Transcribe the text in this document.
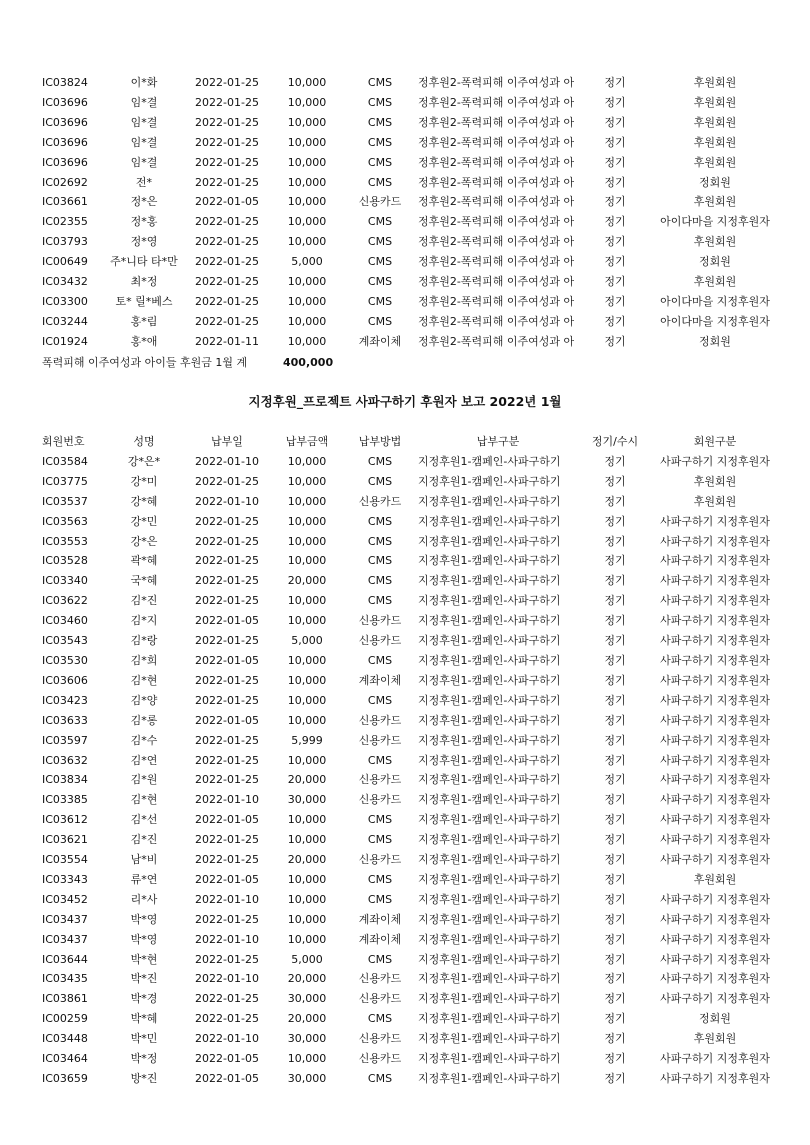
IC03824	이*화	2022-01-25	10,000	CMS	정후원2-폭력피해 이주여성과 아	정기	후원회원
IC03696	임*결	2022-01-25	10,000	CMS	정후원2-폭력피해 이주여성과 아	정기	후원회원
IC03696	임*결	2022-01-25	10,000	CMS	정후원2-폭력피해 이주여성과 아	정기	후원회원
IC03696	임*결	2022-01-25	10,000	CMS	정후원2-폭력피해 이주여성과 아	정기	후원회원
IC03696	임*결	2022-01-25	10,000	CMS	정후원2-폭력피해 이주여성과 아	정기	후원회원
IC02692	전*	2022-01-25	10,000	CMS	정후원2-폭력피해 이주여성과 아	정기	정회원
IC03661	정*은	2022-01-05	10,000	신용카드	정후원2-폭력피해 이주여성과 아	정기	후원회원
IC02355	정*홍	2022-01-25	10,000	CMS	정후원2-폭력피해 이주여성과 아	정기	아이다마을 지정후원자
IC03793	정*영	2022-01-25	10,000	CMS	정후원2-폭력피해 이주여성과 아	정기	후원회원
IC00649	주*니타 타*만	2022-01-25	5,000	CMS	정후원2-폭력피해 이주여성과 아	정기	정회원
IC03432	최*정	2022-01-25	10,000	CMS	정후원2-폭력피해 이주여성과 아	정기	후원회원
IC03300	토* 릴*베스	2022-01-25	10,000	CMS	정후원2-폭력피해 이주여성과 아	정기	아이다마을 지정후원자
IC03244	홍*림	2022-01-25	10,000	CMS	정후원2-폭력피해 이주여성과 아	정기	아이다마을 지정후원자
IC01924	홍*애	2022-01-11	10,000	계좌이체	정후원2-폭력피해 이주여성과 아	정기	정회원
폭력피해 이주여성과 아이들 후원금 1월 계	400,000
지정후원_프로젝트 사파구하기 후원자 보고 2022년 1월
회원번호	성명	납부일	납부금액	납부방법	납부구분	정기/수시	회원구분
IC03584	강*은*	2022-01-10	10,000	CMS	지정후원1-캠페인-사파구하기	정기	사파구하기 지정후원자
IC03775	강*미	2022-01-25	10,000	CMS	지정후원1-캠페인-사파구하기	정기	후원회원
IC03537	강*혜	2022-01-10	10,000	신용카드	지정후원1-캠페인-사파구하기	정기	후원회원
IC03563	강*민	2022-01-25	10,000	CMS	지정후원1-캠페인-사파구하기	정기	사파구하기 지정후원자
IC03553	강*은	2022-01-25	10,000	CMS	지정후원1-캠페인-사파구하기	정기	사파구하기 지정후원자
IC03528	곽*혜	2022-01-25	10,000	CMS	지정후원1-캠페인-사파구하기	정기	사파구하기 지정후원자
IC03340	국*혜	2022-01-25	20,000	CMS	지정후원1-캠페인-사파구하기	정기	사파구하기 지정후원자
IC03622	김*진	2022-01-25	10,000	CMS	지정후원1-캠페인-사파구하기	정기	사파구하기 지정후원자
IC03460	김*지	2022-01-05	10,000	신용카드	지정후원1-캠페인-사파구하기	정기	사파구하기 지정후원자
IC03543	김*랑	2022-01-25	5,000	신용카드	지정후원1-캠페인-사파구하기	정기	사파구하기 지정후원자
IC03530	김*희	2022-01-05	10,000	CMS	지정후원1-캠페인-사파구하기	정기	사파구하기 지정후원자
IC03606	김*현	2022-01-25	10,000	계좌이체	지정후원1-캠페인-사파구하기	정기	사파구하기 지정후원자
IC03423	김*양	2022-01-25	10,000	CMS	지정후원1-캠페인-사파구하기	정기	사파구하기 지정후원자
IC03633	김*롱	2022-01-05	10,000	신용카드	지정후원1-캠페인-사파구하기	정기	사파구하기 지정후원자
IC03597	김*수	2022-01-25	5,999	신용카드	지정후원1-캠페인-사파구하기	정기	사파구하기 지정후원자
IC03632	김*연	2022-01-25	10,000	CMS	지정후원1-캠페인-사파구하기	정기	사파구하기 지정후원자
IC03834	김*원	2022-01-25	20,000	신용카드	지정후원1-캠페인-사파구하기	정기	사파구하기 지정후원자
IC03385	김*현	2022-01-10	30,000	신용카드	지정후원1-캠페인-사파구하기	정기	사파구하기 지정후원자
IC03612	김*선	2022-01-05	10,000	CMS	지정후원1-캠페인-사파구하기	정기	사파구하기 지정후원자
IC03621	김*진	2022-01-25	10,000	CMS	지정후원1-캠페인-사파구하기	정기	사파구하기 지정후원자
IC03554	남*비	2022-01-25	20,000	신용카드	지정후원1-캠페인-사파구하기	정기	사파구하기 지정후원자
IC03343	류*연	2022-01-05	10,000	CMS	지정후원1-캠페인-사파구하기	정기	후원회원
IC03452	리*사	2022-01-10	10,000	CMS	지정후원1-캠페인-사파구하기	정기	사파구하기 지정후원자
IC03437	박*영	2022-01-25	10,000	계좌이체	지정후원1-캠페인-사파구하기	정기	사파구하기 지정후원자
IC03437	박*영	2022-01-10	10,000	계좌이체	지정후원1-캠페인-사파구하기	정기	사파구하기 지정후원자
IC03644	박*현	2022-01-25	5,000	CMS	지정후원1-캠페인-사파구하기	정기	사파구하기 지정후원자
IC03435	박*진	2022-01-10	20,000	신용카드	지정후원1-캠페인-사파구하기	정기	사파구하기 지정후원자
IC03861	박*경	2022-01-25	30,000	신용카드	지정후원1-캠페인-사파구하기	정기	사파구하기 지정후원자
IC00259	박*혜	2022-01-25	20,000	CMS	지정후원1-캠페인-사파구하기	정기	정회원
IC03448	박*민	2022-01-10	30,000	신용카드	지정후원1-캠페인-사파구하기	정기	후원회원
IC03464	박*정	2022-01-05	10,000	신용카드	지정후원1-캠페인-사파구하기	정기	사파구하기 지정후원자
IC03659	방*진	2022-01-05	30,000	CMS	지정후원1-캠페인-사파구하기	정기	사파구하기 지정후원자
